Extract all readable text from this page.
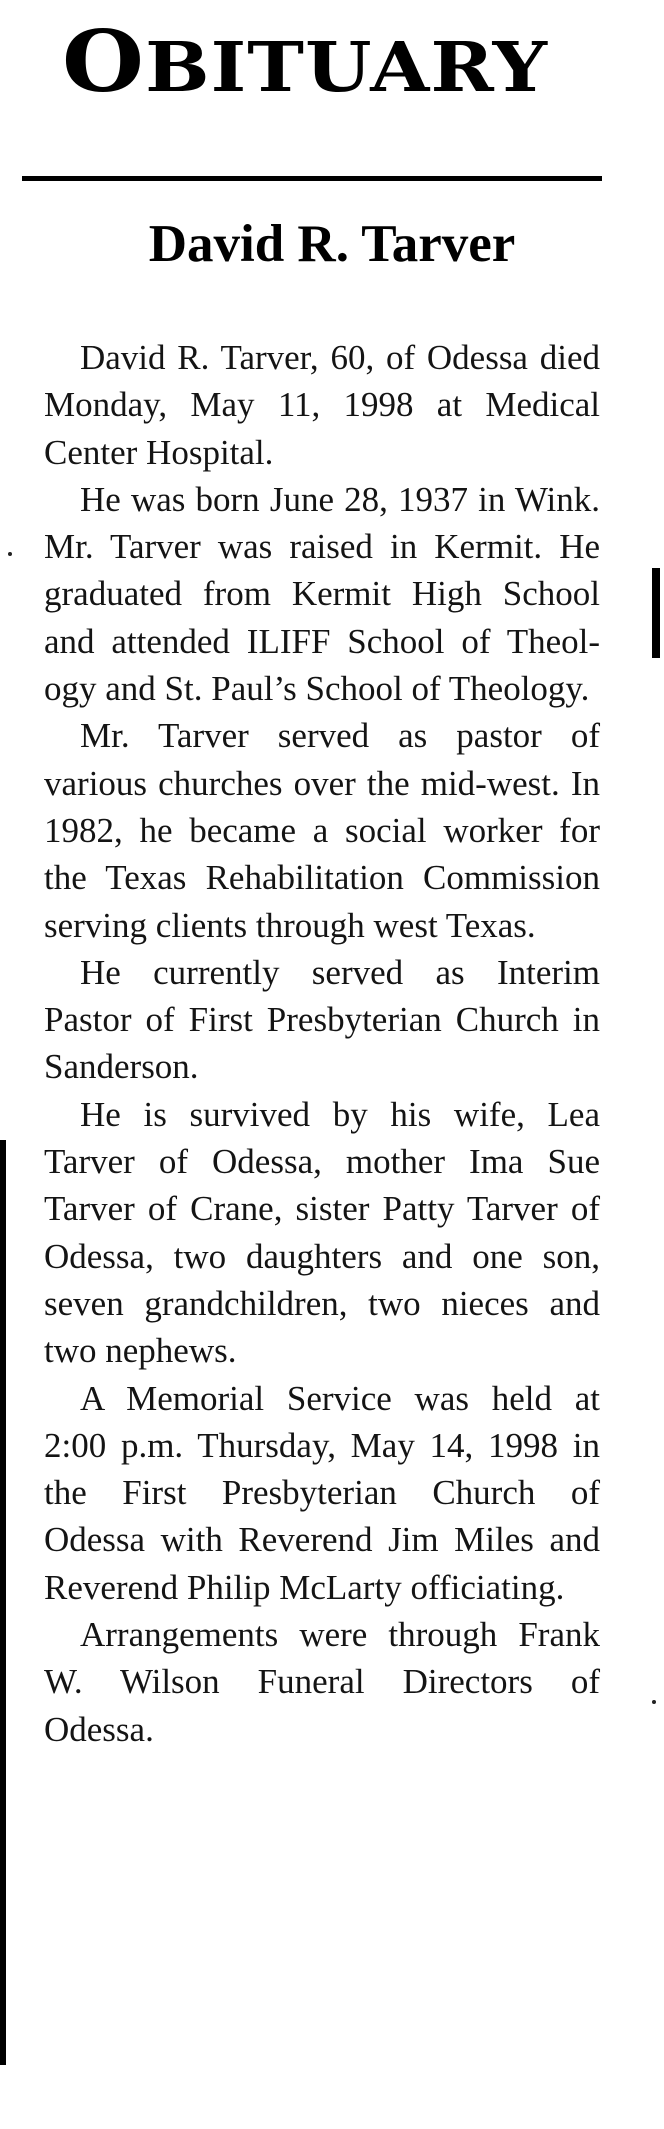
OBITUARY
David R. Tarver

David R. Tarver, 60, of Odessa died Monday, May 11, 1998 at Medical Center Hospital.

He was born June 28, 1937 in Wink. Mr. Tarver was raised in Kermit. He graduated from Kermit High School and attended ILIFF School of Theology and St. Paul’s School of Theology.

Mr. Tarver served as pastor of various churches over the mid-west. In 1982, he became a social worker for the Texas Rehabilitation Commission serving clients through west Texas.

He currently served as Interim Pastor of First Presbyterian Church in Sanderson.

He is survived by his wife, Lea Tarver of Odessa, mother Ima Sue Tarver of Crane, sister Patty Tarver of Odessa, two daughters and one son, seven grandchildren, two nieces and two nephews.

A Memorial Service was held at 2:00 p.m. Thursday, May 14, 1998 in the First Presbyterian Church of Odessa with Reverend Jim Miles and Reverend Philip McLarty officiating.

Arrangements were through Frank W. Wilson Funeral Directors of Odessa.
